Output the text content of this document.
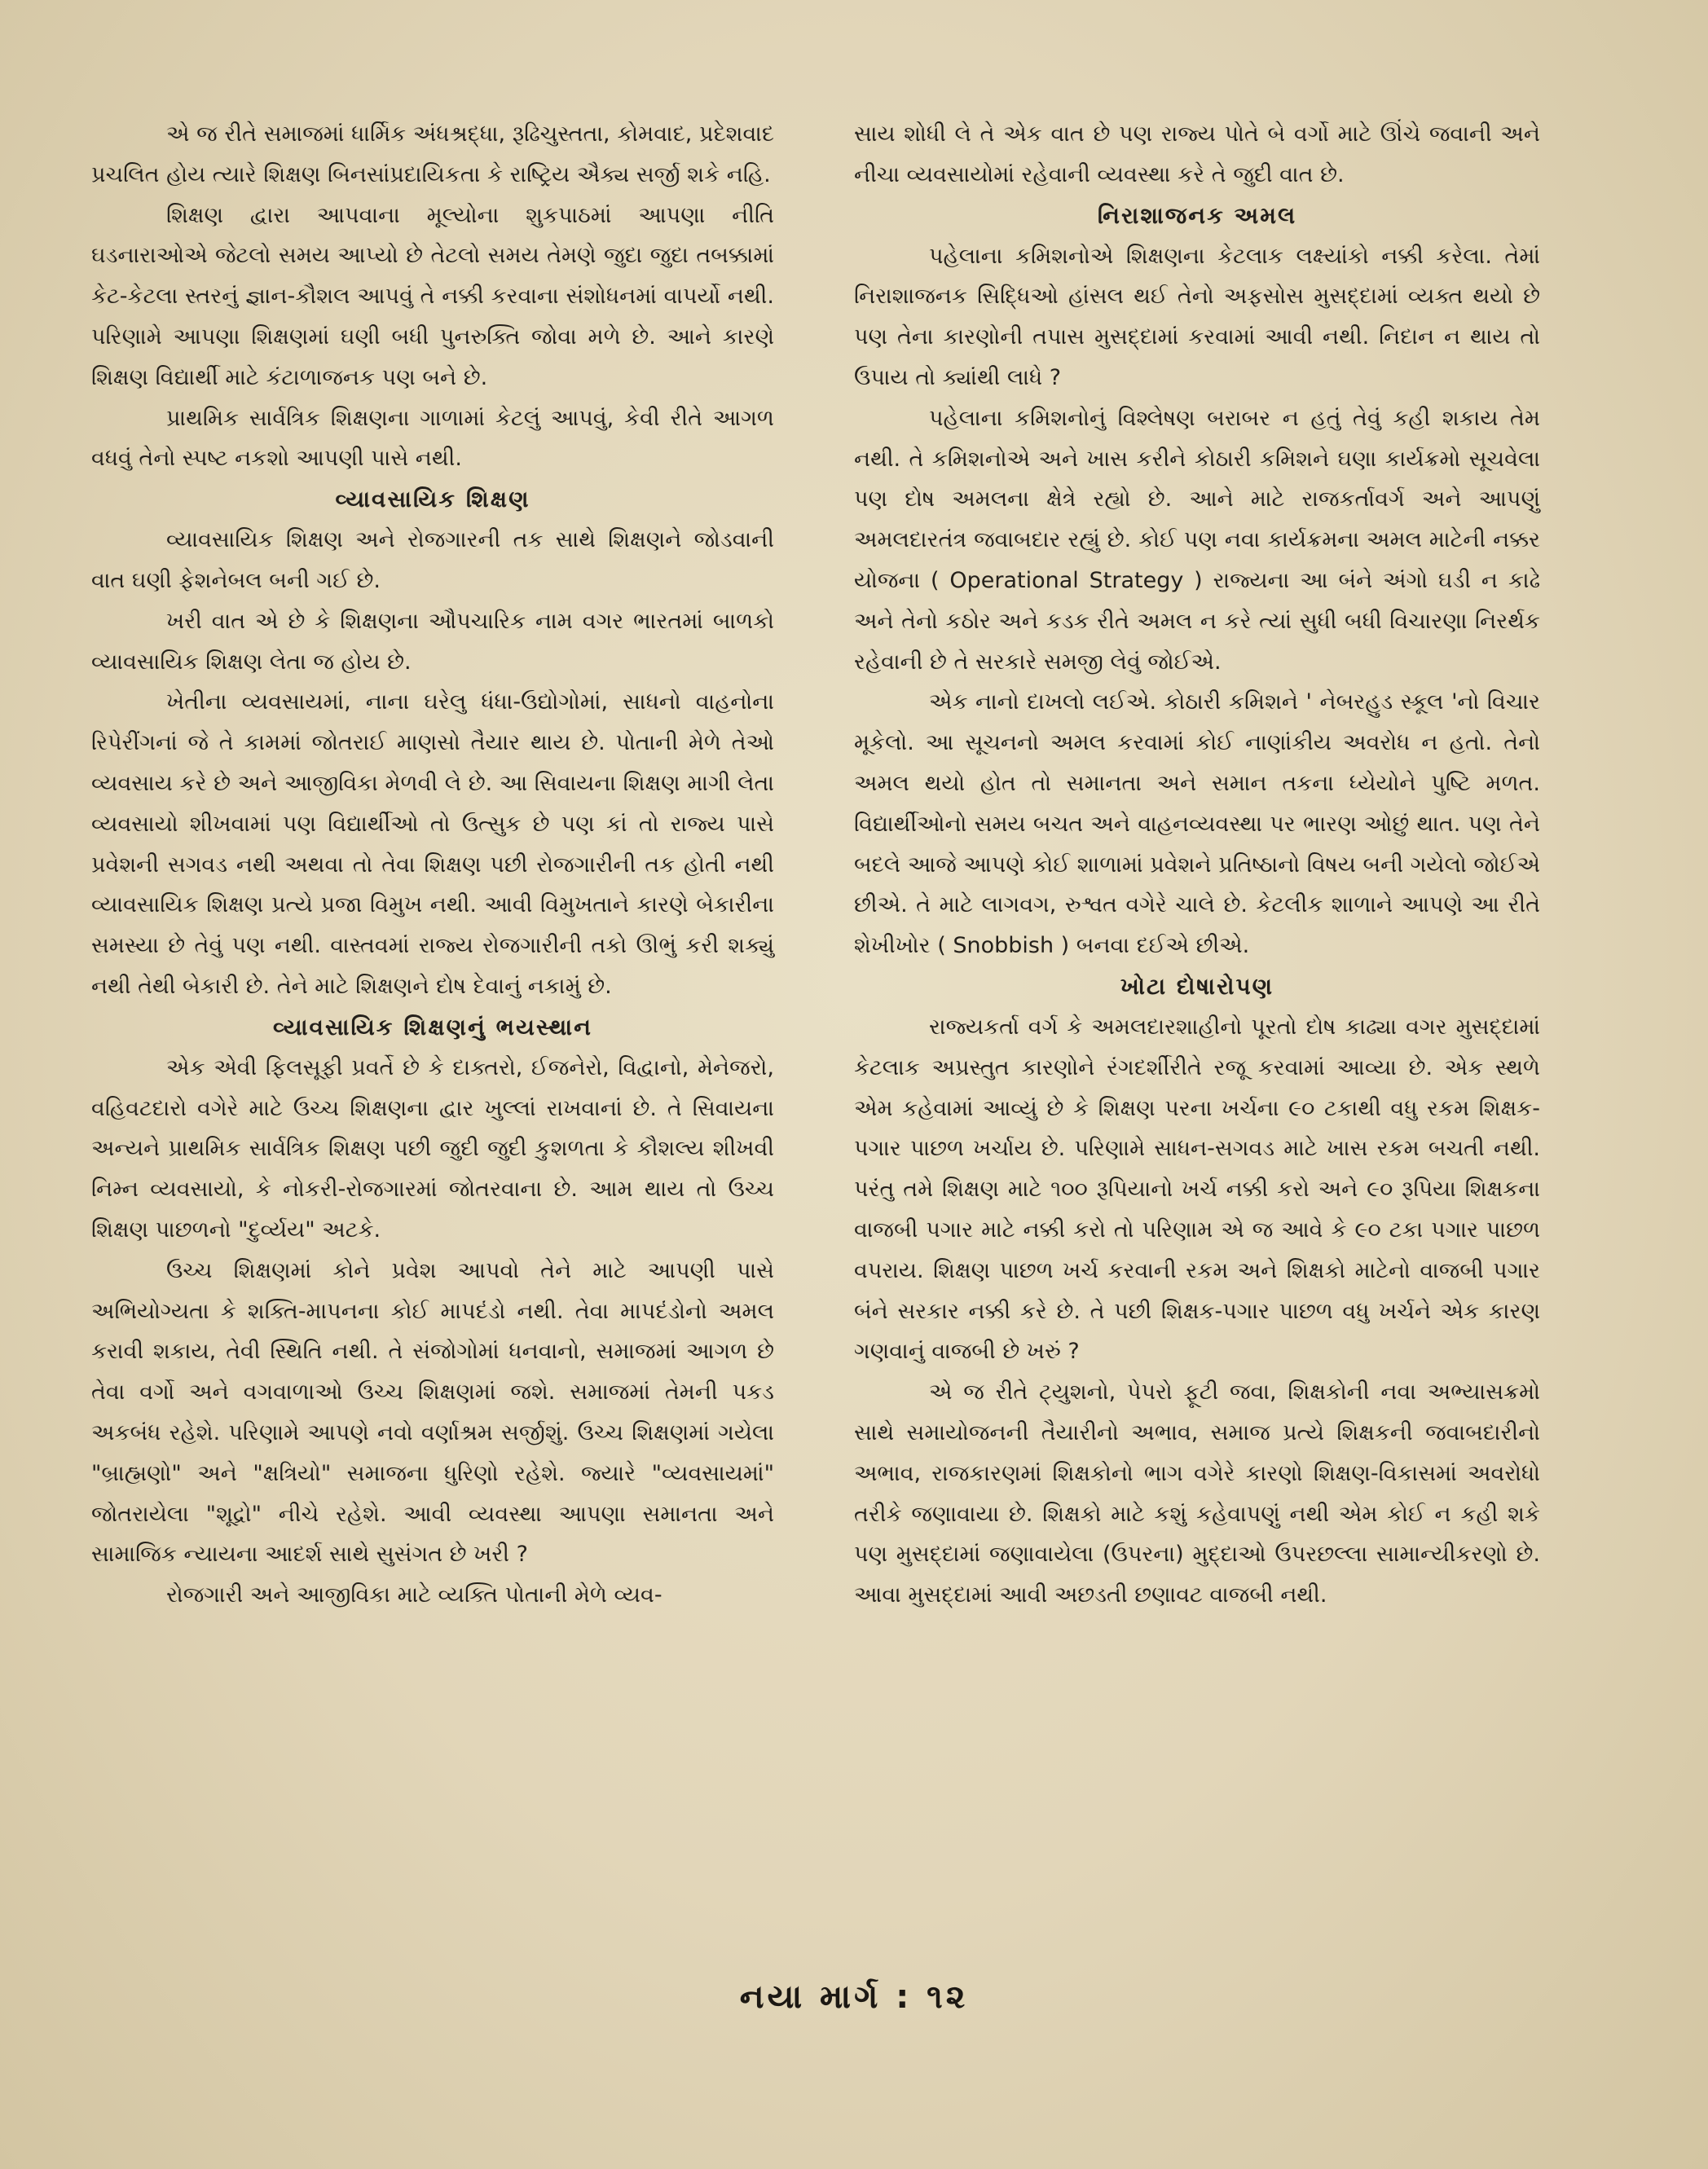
એ જ રીતે સમાજમાં ધાર્મિક અંધશ્રદ્ધા, રૂઢિચુસ્તતા, કોમવાદ, પ્રદેશવાદ પ્રચલિત હોય ત્યારે શિક્ષણ બિનસાંપ્રદાયિકતા કે રાષ્ટ્રિય ઐક્ય સર્જી શકે નહિ.

શિક્ષણ દ્વારા આપવાના મૂલ્યોના શુકપાઠમાં આપણા નીતિ ઘડનારાઓએ જેટલો સમય આપ્યો છે તેટલો સમય તેમણે જુદા જુદા તબક્કામાં કેટ-કેટલા સ્તરનું જ્ઞાન-કૌશલ આપવું તે નક્કી કરવાના સંશોધનમાં વાપર્યો નથી. પરિણામે આપણા શિક્ષણમાં ઘણી બધી પુનરુક્તિ જોવા મળે છે. આને કારણે શિક્ષણ વિદ્યાર્થી માટે કંટાળાજનક પણ બને છે.

પ્રાથમિક સાર્વત્રિક શિક્ષણના ગાળામાં કેટલું આપવું, કેવી રીતે આગળ વધવું તેનો સ્પષ્ટ નકશો આપણી પાસે નથી.

વ્યાવસાયિક શિક્ષણ

વ્યાવસાયિક શિક્ષણ અને રોજગારની તક સાથે શિક્ષણને જોડવાની વાત ઘણી ફેશનેબલ બની ગઈ છે.

ખરી વાત એ છે કે શિક્ષણના ઔપચારિક નામ વગર ભારતમાં બાળકો વ્યાવસાયિક શિક્ષણ લેતા જ હોય છે.

ખેતીના વ્યવસાયમાં, નાના ઘરેલુ ધંધા-ઉદ્યોગોમાં, સાધનો વાહનોના રિપેરીંગનાં જે તે કામમાં જોતરાઈ માણસો તૈયાર થાય છે. પોતાની મેળે તેઓ વ્યવસાય કરે છે અને આજીવિકા મેળવી લે છે. આ સિવાયના શિક્ષણ માગી લેતા વ્યવસાયો શીખવામાં પણ વિદ્યાર્થીઓ તો ઉત્સુક છે પણ કાં તો રાજ્ય પાસે પ્રવેશની સગવડ નથી અથવા તો તેવા શિક્ષણ પછી રોજગારીની તક હોતી નથી વ્યાવસાયિક શિક્ષણ પ્રત્યે પ્રજા વિમુખ નથી. આવી વિમુખતાને કારણે બેકારીના સમસ્યા છે તેવું પણ નથી. વાસ્તવમાં રાજ્ય રોજગારીની તકો ઊભું કરી શક્યું નથી તેથી બેકારી છે. તેને માટે શિક્ષણને દોષ દેવાનું નકામું છે.

વ્યાવસાયિક શિક્ષણનું ભયસ્થાન

એક એવી ફિલસૂફી પ્રવર્તે છે કે દાક્તરો, ઈજનેરો, વિદ્વાનો, મેનેજરો, વહિવટદારો વગેરે માટે ઉચ્ચ શિક્ષણના દ્વાર ખુલ્લાં રાખવાનાં છે. તે સિવાયના અન્યને પ્રાથમિક સાર્વત્રિક શિક્ષણ પછી જુદી જુદી કુશળતા કે કૌશલ્ય શીખવી નિમ્ન વ્યવસાયો, કે નોકરી-રોજગારમાં જોતરવાના છે. આમ થાય તો ઉચ્ચ શિક્ષણ પાછળનો "દુર્વ્યય" અટકે.

ઉચ્ચ શિક્ષણમાં કોને પ્રવેશ આપવો તેને માટે આપણી પાસે અભિયોગ્યતા કે શક્તિ-માપનના કોઈ માપદંડો નથી. તેવા માપદંડોનો અમલ કરાવી શકાય, તેવી સ્થિતિ નથી. તે સંજોગોમાં ધનવાનો, સમાજમાં આગળ છે તેવા વર્ગો અને વગવાળાઓ ઉચ્ચ શિક્ષણમાં જશે. સમાજમાં તેમની પકડ અકબંધ રહેશે. પરિણામે આપણે નવો વર્ણાશ્રમ સર્જીશું. ઉચ્ચ શિક્ષણમાં ગયેલા "બ્રાહ્મણો" અને "ક્ષત્રિયો" સમાજના ધુરિણો રહેશે. જ્યારે "વ્યવસાયમાં" જોતરાયેલા "શૂદ્રો" નીચે રહેશે. આવી વ્યવસ્થા આપણા સમાનતા અને સામાજિક ન્યાયના આદર્શ સાથે સુસંગત છે ખરી ?

રોજગારી અને આજીવિકા માટે વ્યક્તિ પોતાની મેળે વ્યવ-

સાય શોધી લે તે એક વાત છે પણ રાજ્ય પોતે બે વર્ગો માટે ઊંચે જવાની અને નીચા વ્યવસાયોમાં રહેવાની વ્યવસ્થા કરે તે જુદી વાત છે.

નિરાશાજનક અમલ

પહેલાના કમિશનોએ શિક્ષણના કેટલાક લક્ષ્યાંકો નક્કી કરેલા. તેમાં નિરાશાજનક સિદ્ધિઓ હાંસલ થઈ તેનો અફસોસ મુસદ્દામાં વ્યક્ત થયો છે પણ તેના કારણોની તપાસ મુસદ્દામાં કરવામાં આવી નથી. નિદાન ન થાય તો ઉપાય તો ક્યાંથી લાધે ?

પહેલાના કમિશનોનું વિશ્લેષણ બરાબર ન હતું તેવું કહી શકાય તેમ નથી. તે કમિશનોએ અને ખાસ કરીને કોઠારી કમિશને ઘણા કાર્યક્રમો સૂચવેલા પણ દોષ અમલના ક્ષેત્રે રહ્યો છે. આને માટે રાજકર્તાવર્ગ અને આપણું અમલદારતંત્ર જવાબદાર રહ્યું છે. કોઈ પણ નવા કાર્યક્રમના અમલ માટેની નક્કર યોજના ( Operational Strategy ) રાજ્યના આ બંને અંગો ઘડી ન કાઢે અને તેનો કઠોર અને કડક રીતે અમલ ન કરે ત્યાં સુધી બધી વિચારણા નિરર્થક રહેવાની છે તે સરકારે સમજી લેવું જોઈએ.

એક નાનો દાખલો લઈએ. કોઠારી કમિશને ' નેબરહુડ સ્કૂલ 'નો વિચાર મૂકેલો. આ સૂચનનો અમલ કરવામાં કોઈ નાણાંકીય અવરોધ ન હતો. તેનો અમલ થયો હોત તો સમાનતા અને સમાન તકના ધ્યેયોને પુષ્ટિ મળત. વિદ્યાર્થીઓનો સમય બચત અને વાહનવ્યવસ્થા પર ભારણ ઓછું થાત. પણ તેને બદલે આજે આપણે કોઈ શાળામાં પ્રવેશને પ્રતિષ્ઠાનો વિષય બની ગયેલો જોઈએ છીએ. તે માટે લાગવગ, રુશ્વત વગેરે ચાલે છે. કેટલીક શાળાને આપણે આ રીતે શેખીખોર ( Snobbish ) બનવા દઈએ છીએ.

ખોટા દોષારોપણ

રાજ્યકર્તા વર્ગ કે અમલદારશાહીનો પૂરતો દોષ કાઢ્યા વગર મુસદ્દામાં કેટલાક અપ્રસ્તુત કારણોને રંગદર્શીરીતે રજૂ કરવામાં આવ્યા છે. એક સ્થળે એમ કહેવામાં આવ્યું છે કે શિક્ષણ પરના ખર્ચના ૯૦ ટકાથી વધુ રકમ શિક્ષક-પગાર પાછળ ખર્ચાય છે. પરિણામે સાધન-સગવડ માટે ખાસ રકમ બચતી નથી. પરંતુ તમે શિક્ષણ માટે ૧૦૦ રૂપિયાનો ખર્ચ નક્કી કરો અને ૯૦ રૂપિયા શિક્ષકના વાજબી પગાર માટે નક્કી કરો તો પરિણામ એ જ આવે કે ૯૦ ટકા પગાર પાછળ વપરાય. શિક્ષણ પાછળ ખર્ચ કરવાની રકમ અને શિક્ષકો માટેનો વાજબી પગાર બંને સરકાર નક્કી કરે છે. તે પછી શિક્ષક-પગાર પાછળ વધુ ખર્ચને એક કારણ ગણવાનું વાજબી છે ખરું ?

એ જ રીતે ટ્યુશનો, પેપરો ફૂટી જવા, શિક્ષકોની નવા અભ્યાસક્રમો સાથે સમાયોજનની તૈયારીનો અભાવ, સમાજ પ્રત્યે શિક્ષકની જવાબદારીનો અભાવ, રાજકારણમાં શિક્ષકોનો ભાગ વગેરે કારણો શિક્ષણ-વિકાસમાં અવરોધો તરીકે જણાવાયા છે. શિક્ષકો માટે કશું કહેવાપણું નથી એમ કોઈ ન કહી શકે પણ મુસદ્દામાં જણાવાયેલા (ઉપરના) મુદ્દાઓ ઉપરછલ્લા સામાન્યીકરણો છે. આવા મુસદ્દામાં આવી અછડતી છણાવટ વાજબી નથી.

નયા માર્ગ : ૧૨
